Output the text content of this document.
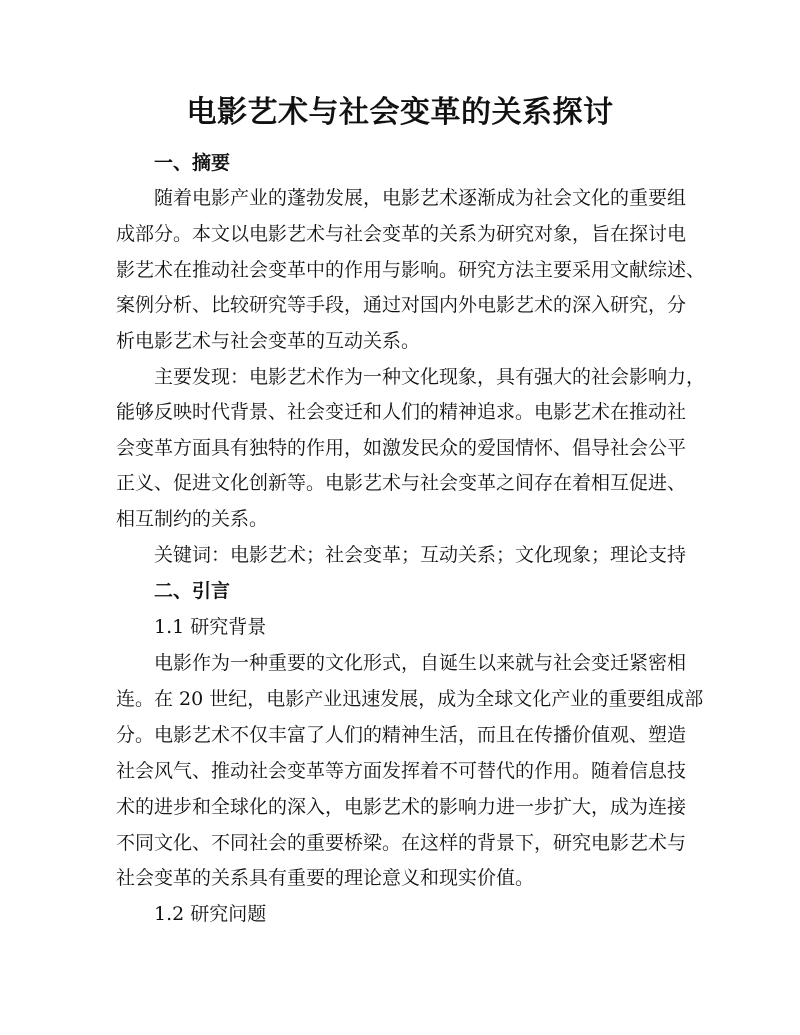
电影艺术与社会变革的关系探讨
一、摘要
随着电影产业的蓬勃发展，电影艺术逐渐成为社会文化的重要组
成部分。本文以电影艺术与社会变革的关系为研究对象，旨在探讨电
影艺术在推动社会变革中的作用与影响。研究方法主要采用文献综述、
案例分析、比较研究等手段，通过对国内外电影艺术的深入研究，分
析电影艺术与社会变革的互动关系。
主要发现：电影艺术作为一种文化现象，具有强大的社会影响力，
能够反映时代背景、社会变迁和人们的精神追求。电影艺术在推动社
会变革方面具有独特的作用，如激发民众的爱国情怀、倡导社会公平
正义、促进文化创新等。电影艺术与社会变革之间存在着相互促进、
相互制约的关系。
关键词：电影艺术；社会变革；互动关系；文化现象；理论支持
二、引言
1.1 研究背景
电影作为一种重要的文化形式，自诞生以来就与社会变迁紧密相
连。在 20 世纪，电影产业迅速发展，成为全球文化产业的重要组成部
分。电影艺术不仅丰富了人们的精神生活，而且在传播价值观、塑造
社会风气、推动社会变革等方面发挥着不可替代的作用。随着信息技
术的进步和全球化的深入，电影艺术的影响力进一步扩大，成为连接
不同文化、不同社会的重要桥梁。在这样的背景下，研究电影艺术与
社会变革的关系具有重要的理论意义和现实价值。
1.2 研究问题
